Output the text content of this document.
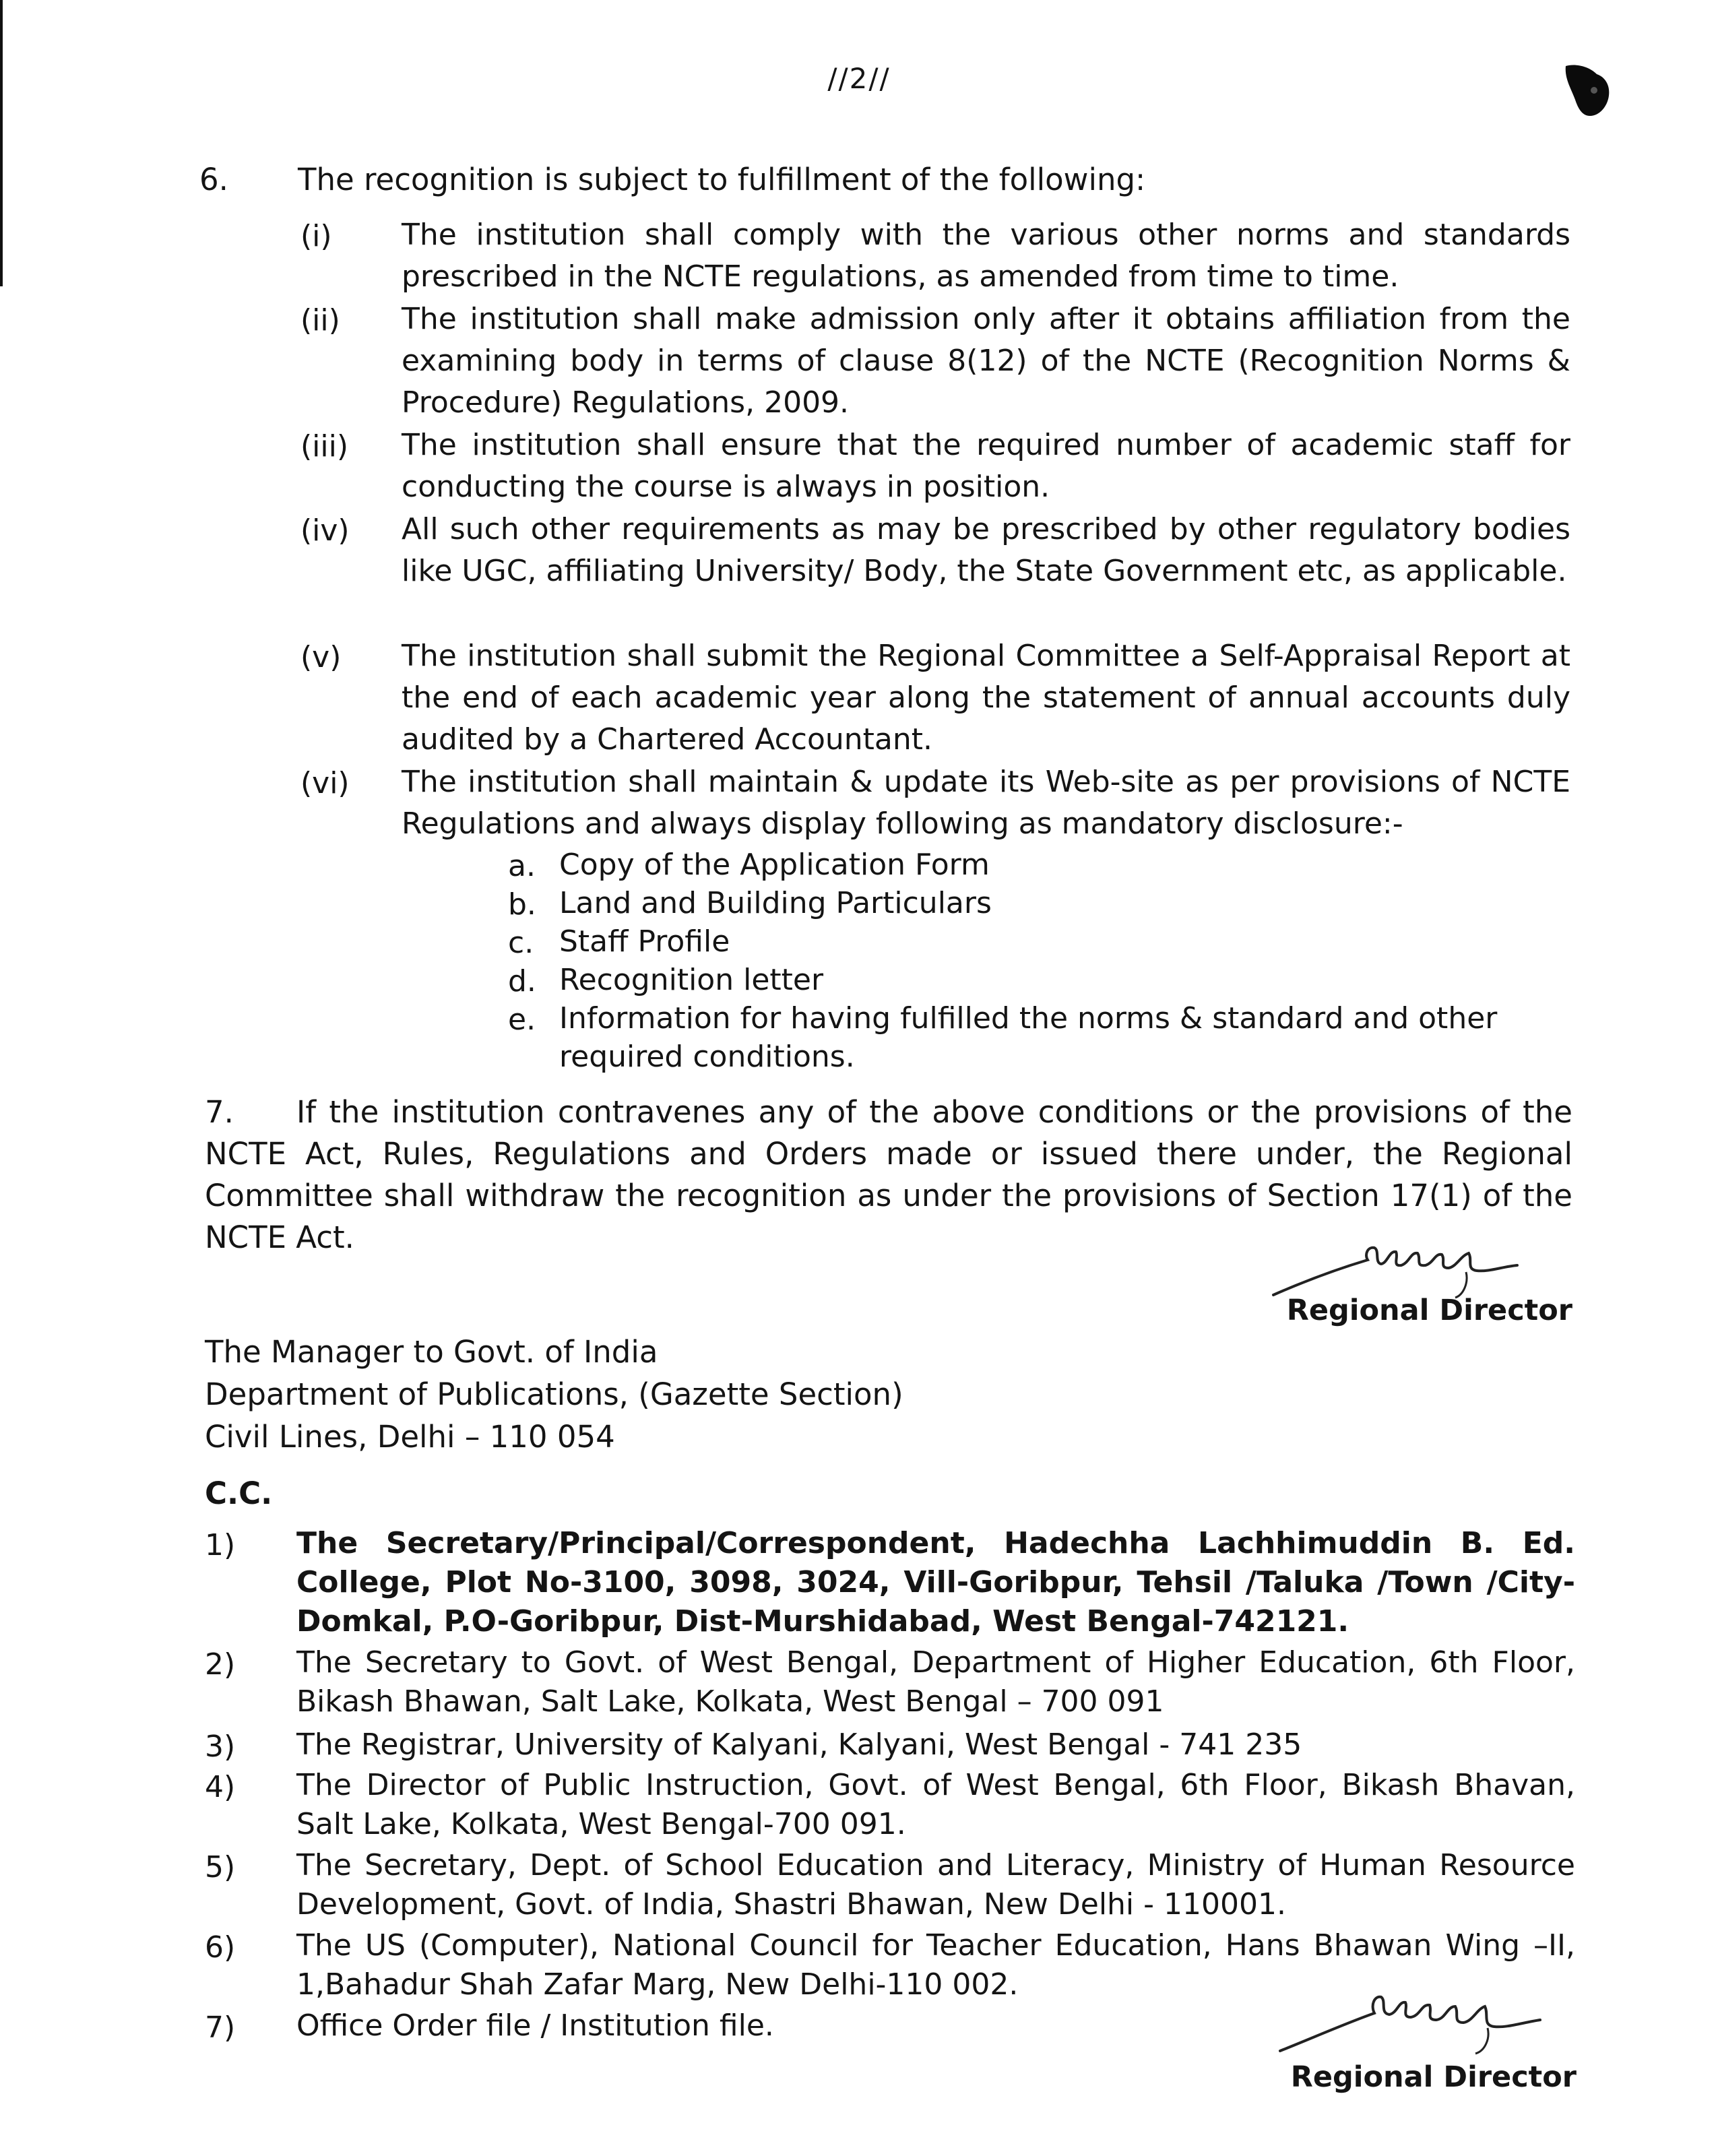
//2//
6. The recognition is subject to fulfillment of the following:
(i) The institution shall comply with the various other norms and standards prescribed in the NCTE regulations, as amended from time to time.
(ii) The institution shall make admission only after it obtains affiliation from the examining body in terms of clause 8(12) of the NCTE (Recognition Norms & Procedure) Regulations, 2009.
(iii) The institution shall ensure that the required number of academic staff for conducting the course is always in position.
(iv) All such other requirements as may be prescribed by other regulatory bodies like UGC, affiliating University/ Body, the State Government etc, as applicable.
(v) The institution shall submit the Regional Committee a Self-Appraisal Report at the end of each academic year along the statement of annual accounts duly audited by a Chartered Accountant.
(vi) The institution shall maintain & update its Web-site as per provisions of NCTE Regulations and always display following as mandatory disclosure:-
a. Copy of the Application Form
b. Land and Building Particulars
c. Staff Profile
d. Recognition letter
e. Information for having fulfilled the norms & standard and other required conditions.
7. If the institution contravenes any of the above conditions or the provisions of the NCTE Act, Rules, Regulations and Orders made or issued there under, the Regional Committee shall withdraw the recognition as under the provisions of Section 17(1) of the NCTE Act.
Regional Director
The Manager to Govt. of India
Department of Publications, (Gazette Section)
Civil Lines, Delhi – 110 054
C.C.
1) The Secretary/Principal/Correspondent, Hadechha Lachhimuddin B. Ed. College, Plot No-3100, 3098, 3024, Vill-Goribpur, Tehsil /Taluka /Town /City-Domkal, P.O-Goribpur, Dist-Murshidabad, West Bengal-742121.
2) The Secretary to Govt. of West Bengal, Department of Higher Education, 6th Floor, Bikash Bhawan, Salt Lake, Kolkata, West Bengal – 700 091
3) The Registrar, University of Kalyani, Kalyani, West Bengal - 741 235
4) The Director of Public Instruction, Govt. of West Bengal, 6th Floor, Bikash Bhavan, Salt Lake, Kolkata, West Bengal-700 091.
5) The Secretary, Dept. of School Education and Literacy, Ministry of Human Resource Development, Govt. of India, Shastri Bhawan, New Delhi - 110001.
6) The US (Computer), National Council for Teacher Education, Hans Bhawan Wing –II, 1,Bahadur Shah Zafar Marg, New Delhi-110 002.
7) Office Order file / Institution file.
Regional Director
